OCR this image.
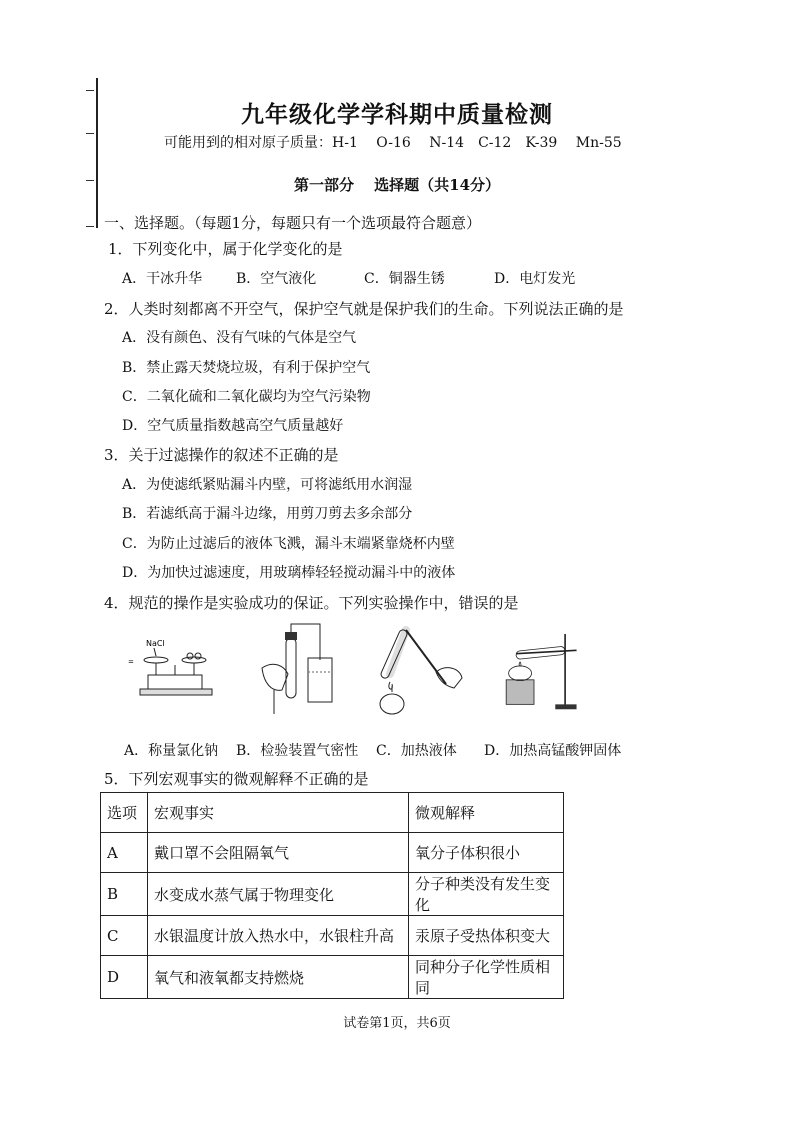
九年级化学学科期中质量检测
可能用到的相对原子质量：H-1　 O-16　 N-14　C-12　K-39　 Mn-55
第一部分　 选择题（共14分）
一、选择题。（每题1分，每题只有一个选项最符合题意）
1．下列变化中，属于化学变化的是
A．干冰升华 B．空气液化	C．铜器生锈	D．电灯发光
2．人类时刻都离不开空气，保护空气就是保护我们的生命。下列说法正确的是
A．没有颜色、没有气味的气体是空气
B．禁止露天焚烧垃圾，有利于保护空气
C．二氧化硫和二氧化碳均为空气污染物
D．空气质量指数越高空气质量越好
3．关于过滤操作的叙述不正确的是
A．为使滤纸紧贴漏斗内壁，可将滤纸用水润湿
B．若滤纸高于漏斗边缘，用剪刀剪去多余部分
C．为防止过滤后的液体飞溅，漏斗末端紧靠烧杯内壁
D．为加快过滤速度，用玻璃棒轻轻搅动漏斗中的液体
4．规范的操作是实验成功的保证。下列实验操作中，错误的是
NaCl
=
A．称量氯化钠 B．检验装置气密性 C．加热液体 D．加热高锰酸钾固体
5．下列宏观事实的微观解释不正确的是
选项	宏观事实	微观解释
A	戴口罩不会阻隔氧气	氧分子体积很小
B	水变成水蒸气属于物理变化	分子种类没有发生变化
C	水银温度计放入热水中，水银柱升高	汞原子受热体积变大
D	氧气和液氧都支持燃烧	同种分子化学性质相同
试卷第1页，共6页
